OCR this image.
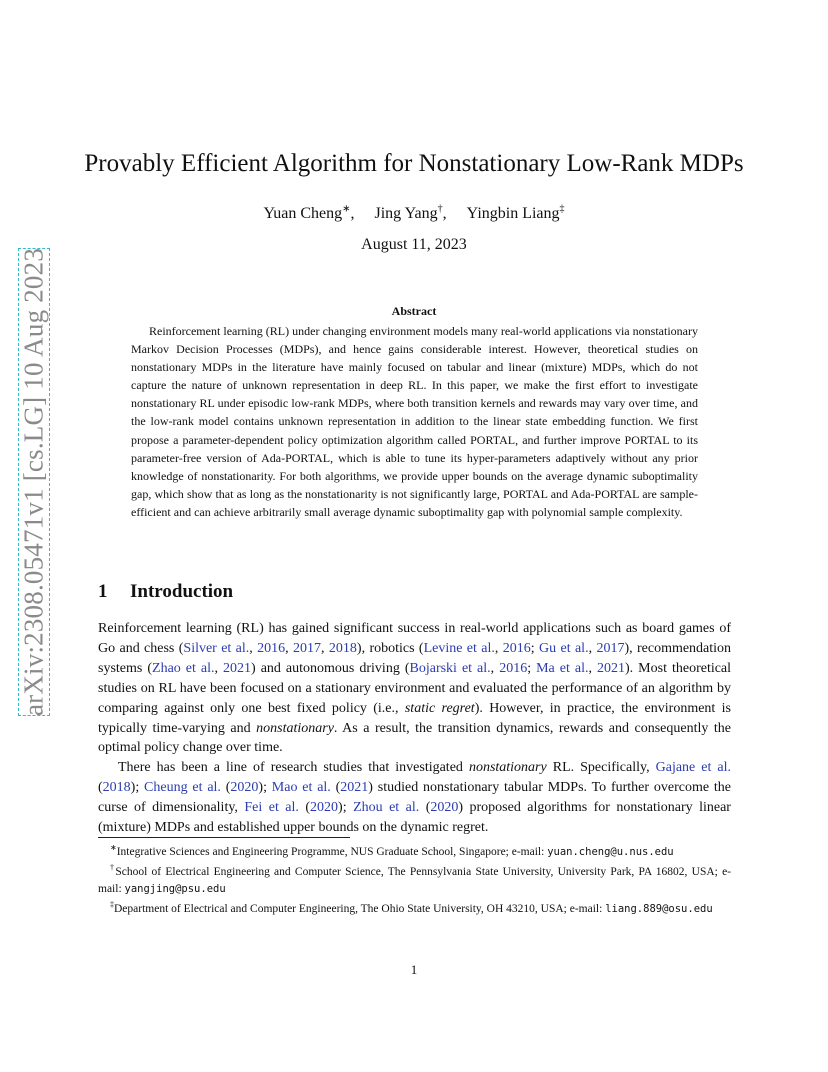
arXiv:2308.05471v1 [cs.LG] 10 Aug 2023
Provably Efficient Algorithm for Nonstationary Low-Rank MDPs
Yuan Cheng∗, Jing Yang†, Yingbin Liang‡
August 11, 2023
Abstract

Reinforcement learning (RL) under changing environment models many real-world applications via nonstationary Markov Decision Processes (MDPs), and hence gains considerable interest. However, theoretical studies on nonstationary MDPs in the literature have mainly focused on tabular and linear (mixture) MDPs, which do not capture the nature of unknown representation in deep RL. In this paper, we make the first effort to investigate nonstationary RL under episodic low-rank MDPs, where both transition kernels and rewards may vary over time, and the low-rank model contains unknown representation in addition to the linear state embedding function. We first propose a parameter-dependent policy optimization algorithm called PORTAL, and further improve PORTAL to its parameter-free version of Ada-PORTAL, which is able to tune its hyper-parameters adaptively without any prior knowledge of nonstationarity. For both algorithms, we provide upper bounds on the average dynamic suboptimality gap, which show that as long as the nonstationarity is not significantly large, PORTAL and Ada-PORTAL are sample-efficient and can achieve arbitrarily small average dynamic suboptimality gap with polynomial sample complexity.

1 Introduction

Reinforcement learning (RL) has gained significant success in real-world applications such as board games of Go and chess (Silver et al., 2016, 2017, 2018), robotics (Levine et al., 2016; Gu et al., 2017), recommendation systems (Zhao et al., 2021) and autonomous driving (Bojarski et al., 2016; Ma et al., 2021). Most theoretical studies on RL have been focused on a stationary environment and evaluated the performance of an algorithm by comparing against only one best fixed policy (i.e., static regret). However, in practice, the environment is typically time-varying and nonstationary. As a result, the transition dynamics, rewards and consequently the optimal policy change over time.

There has been a line of research studies that investigated nonstationary RL. Specifically, Gajane et al. (2018); Cheung et al. (2020); Mao et al. (2021) studied nonstationary tabular MDPs. To further overcome the curse of dimensionality, Fei et al. (2020); Zhou et al. (2020) proposed algorithms for nonstationary linear (mixture) MDPs and established upper bounds on the dynamic regret.

∗Integrative Sciences and Engineering Programme, NUS Graduate School, Singapore; e-mail: yuan.cheng@u.nus.edu

†School of Electrical Engineering and Computer Science, The Pennsylvania State University, University Park, PA 16802, USA; e-mail: yangjing@psu.edu

‡Department of Electrical and Computer Engineering, The Ohio State University, OH 43210, USA; e-mail: liang.889@osu.edu

1
